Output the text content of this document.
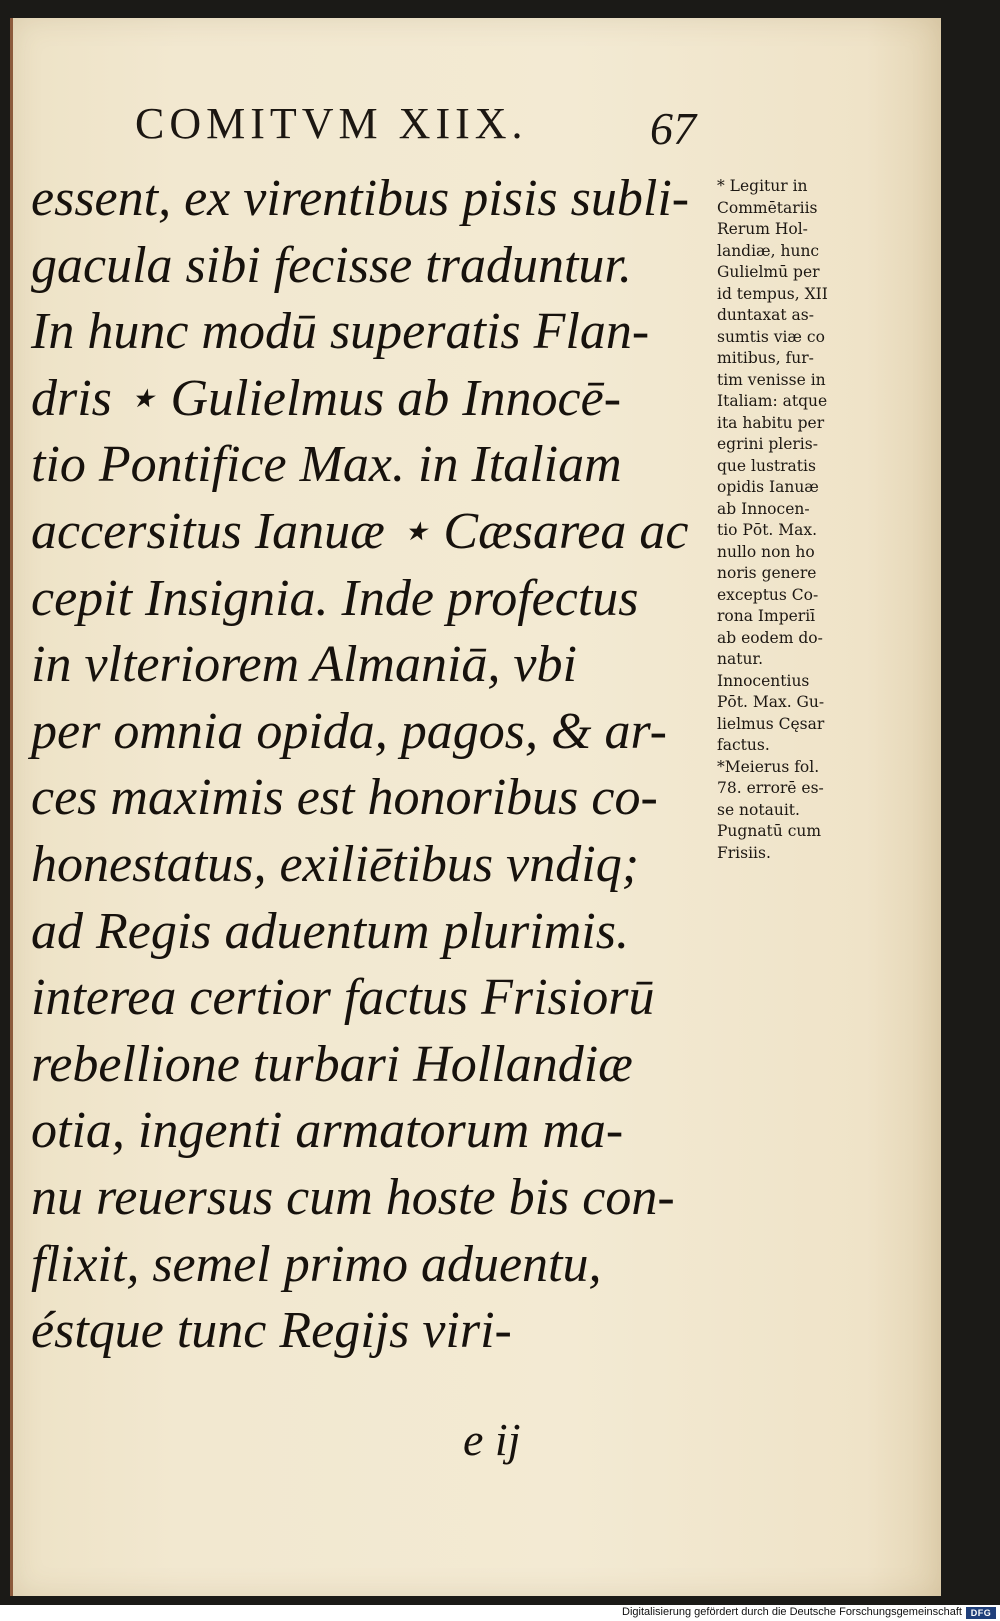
COMITVM XIIX.	67
essent, ex virentibus pisis subli-
gacula sibi fecisse traduntur.
In hunc modū superatis Flan-
dris ⋆ Gulielmus ab Innocē-
tio Pontifice Max. in Italiam
accersitus Ianuæ ⋆ Cæsarea ac
cepit Insignia. Inde profectus
in vlteriorem Almaniā, vbi
per omnia opida, pagos, & ar-
ces maximis est honoribus co-
honestatus, exiliētibus vndiq;
ad Regis aduentum plurimis.
interea certior factus Frisiorū
rebellione turbari Hollandiæ
otia, ingenti armatorum ma-
nu reuersus cum hoste bis con-
flixit, semel primo aduentu,
éstque tunc Regijs viri-
* Legitur in
Commētariis
Rerum Hol-
landiæ, hunc
Gulielmū per
id tempus, XII
duntaxat as-
sumtis viæ co
mitibus, fur-
tim venisse in
Italiam: atque
ita habitu per
egrini pleris-
que lustratis
opidis Ianuæ
ab Innocen-
tio Pōt. Max.
nullo non ho
noris genere
exceptus Co-
rona Imperiī
ab eodem do-
natur.
Innocentius
Pōt. Max. Gu-
lielmus Cęsar
factus.
*Meierus fol.
78. errorē es-
se notauit.
Pugnatū cum
Frisiis.
e ij
Digitalisierung gefördert durch die Deutsche Forschungsgemeinschaft DFG
